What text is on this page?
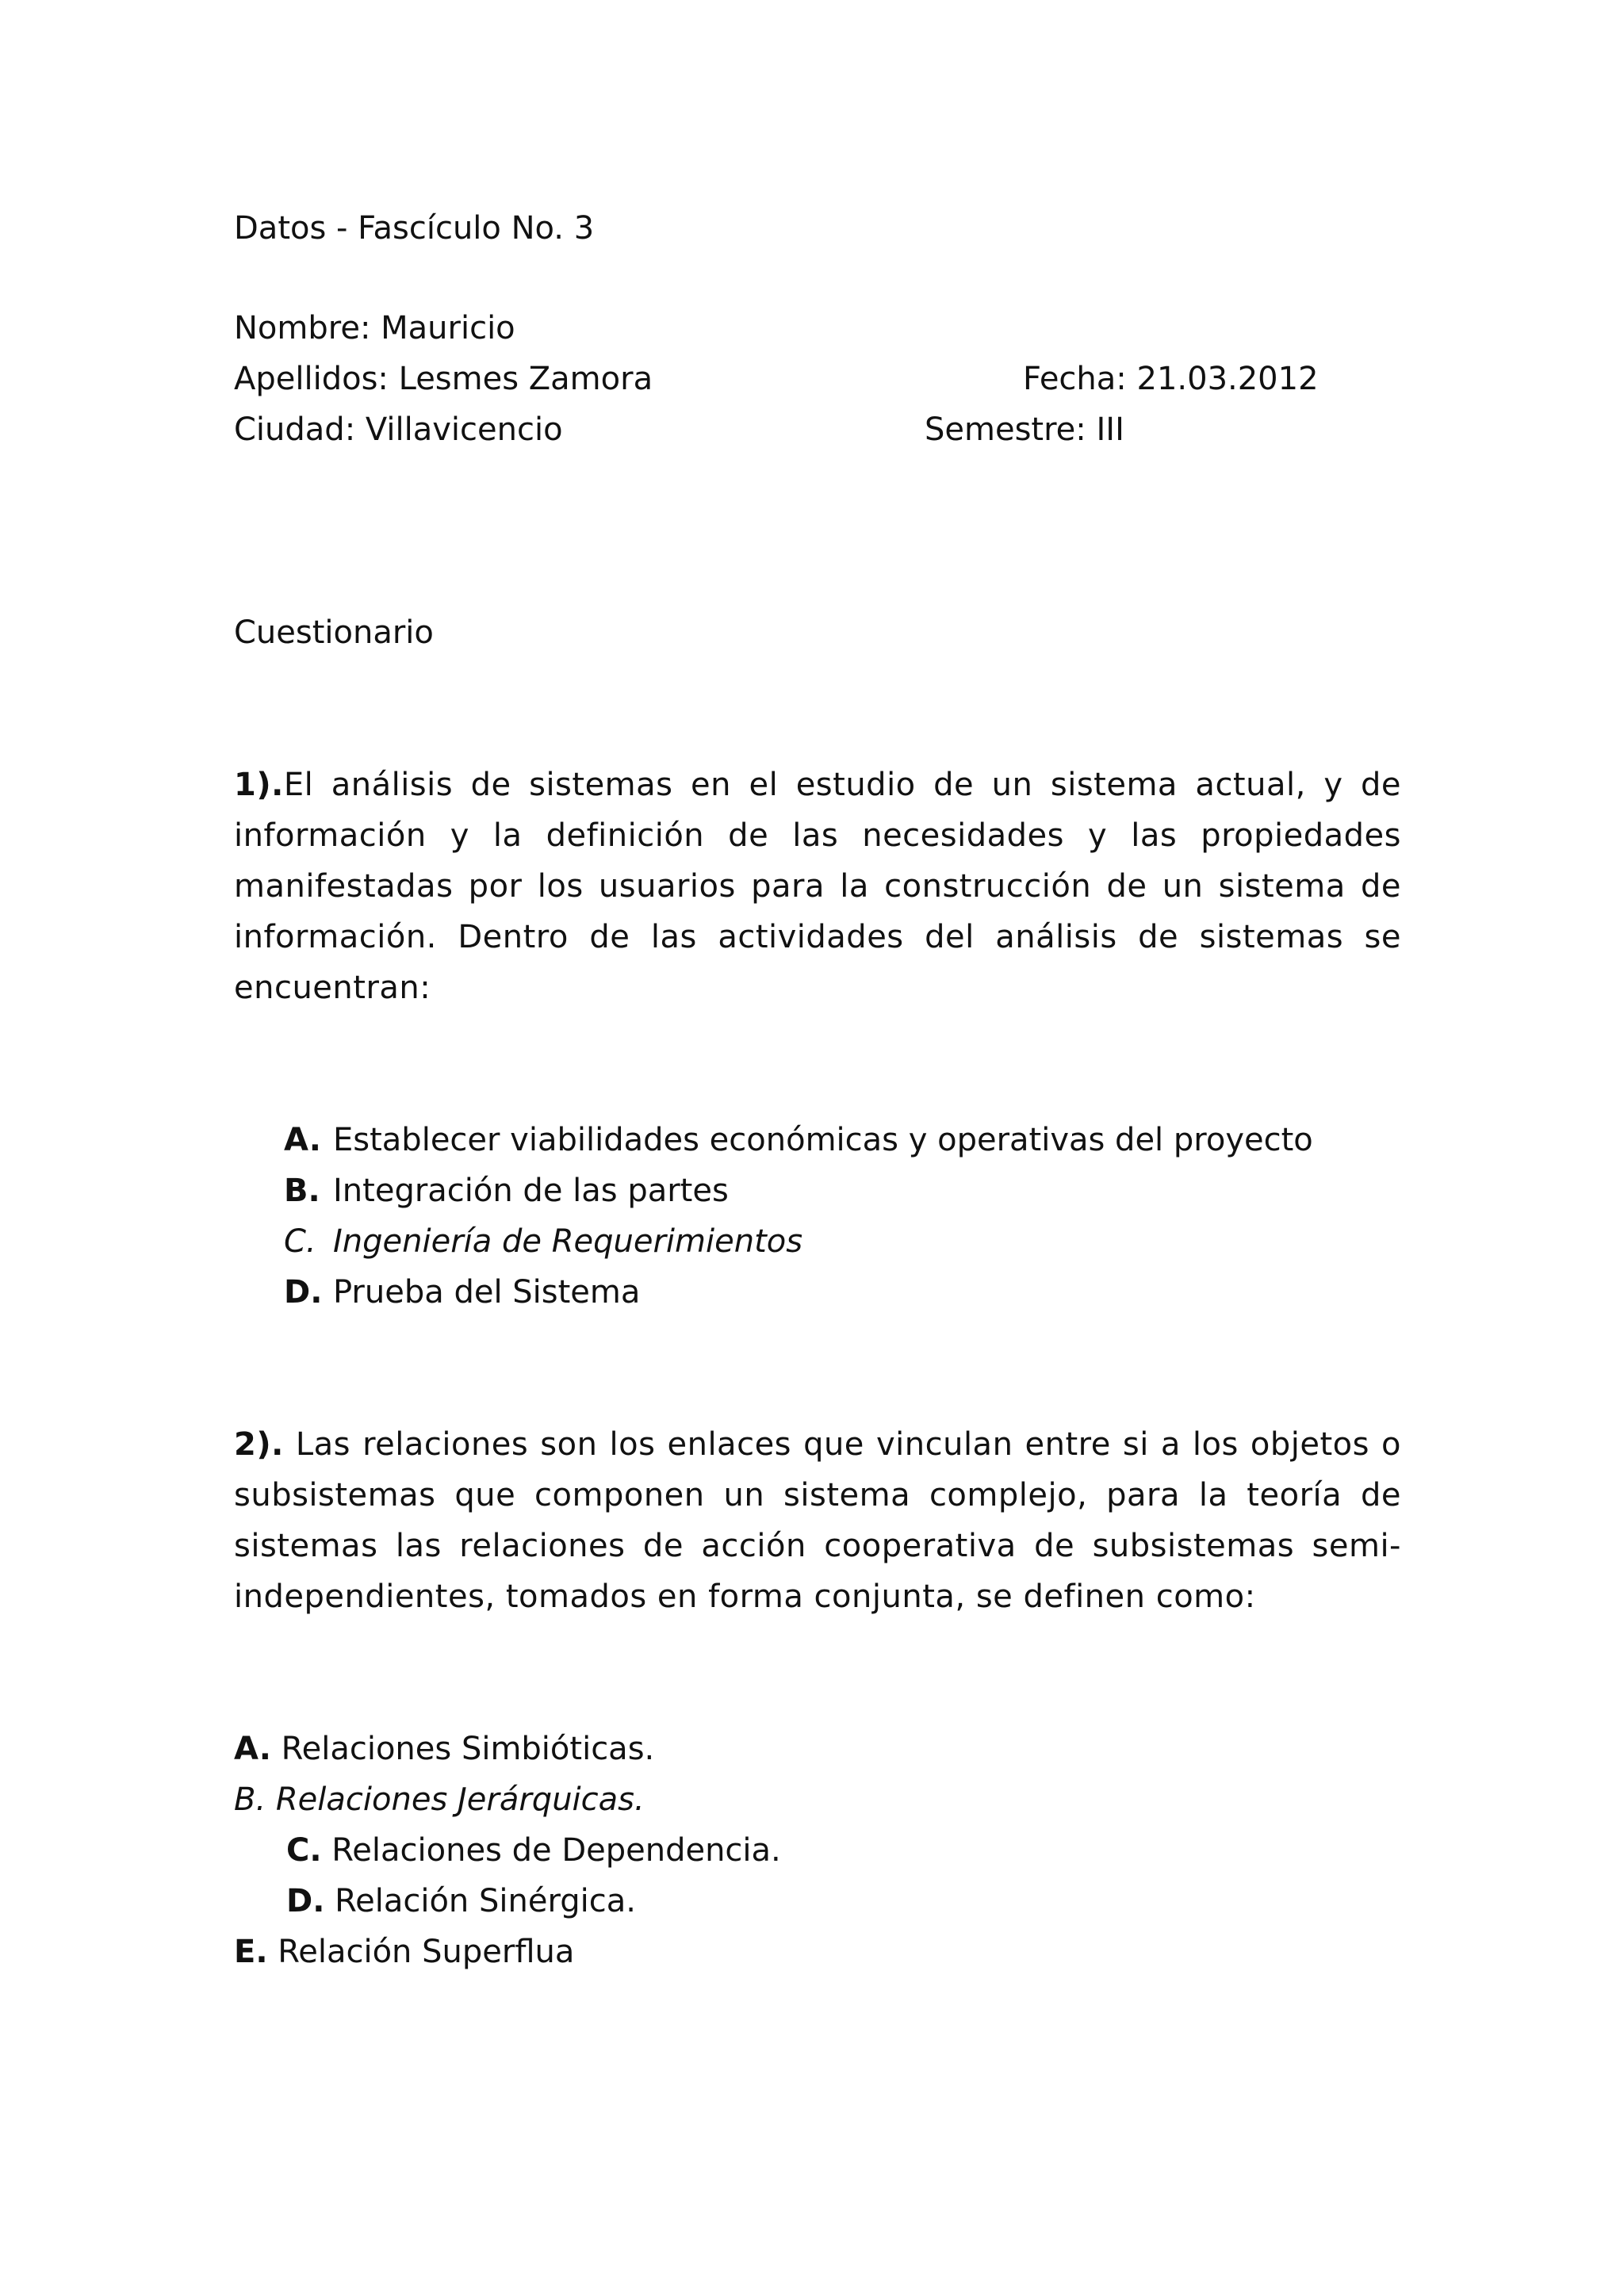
Datos - Fascículo No. 3
Nombre: Mauricio
Apellidos: Lesmes Zamora	Fecha: 21.03.2012
Ciudad: Villavicencio	Semestre: III
Cuestionario
1).El análisis de sistemas en el estudio de un sistema actual, y de información y la definición de las necesidades y las propiedades manifestadas por los usuarios para la construcción de un sistema de información. Dentro de las actividades del análisis de sistemas se encuentran:
A. Establecer viabilidades económicas y operativas del proyecto
B. Integración de las partes
C. Ingeniería de Requerimientos
D. Prueba del Sistema
2). Las relaciones son los enlaces que vinculan entre si a los objetos o subsistemas que componen un sistema complejo, para la teoría de sistemas las relaciones de acción cooperativa de subsistemas semi-independientes, tomados en forma conjunta, se definen como:
A. Relaciones Simbióticas.
B. Relaciones Jerárquicas.
C. Relaciones de Dependencia.
D. Relación Sinérgica.
E. Relación Superflua
